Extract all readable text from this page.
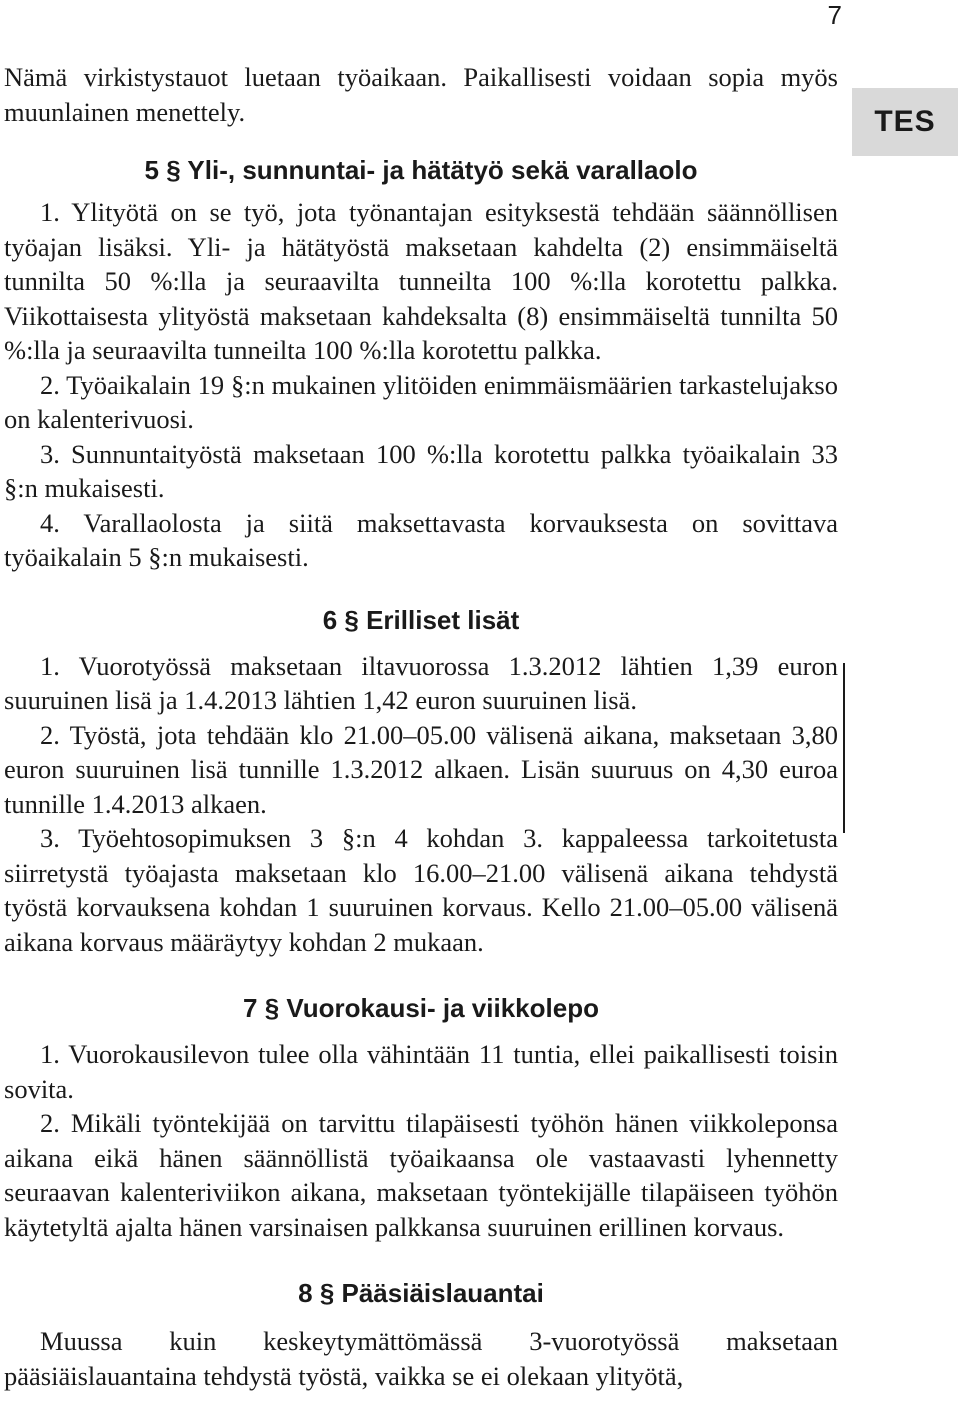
7
TES

Nämä virkistystauot luetaan työaikaan. Paikallisesti voidaan sopia myös muunlainen menettely.

5 § Yli-, sunnuntai- ja hätätyö sekä varallaolo

1. Ylityötä on se työ, jota työnantajan esityksestä tehdään säännöllisen työajan lisäksi. Yli- ja hätätyöstä maksetaan kahdelta (2) ensimmäiseltä tunnilta 50 %:lla ja seuraavilta tunneilta 100 %:lla korotettu palkka. Viikottaisesta ylityöstä maksetaan kahdeksalta (8) ensimmäiseltä tunnilta 50 %:lla ja seuraavilta tunneilta 100 %:lla korotettu palkka.

2. Työaikalain 19 §:n mukainen ylitöiden enimmäismäärien tarkastelujakso on kalenterivuosi.

3. Sunnuntaityöstä maksetaan 100 %:lla korotettu palkka työaikalain 33 §:n mukaisesti.

4. Varallaolosta ja siitä maksettavasta korvauksesta on sovittava työaikalain 5 §:n mukaisesti.

6 § Erilliset lisät

1. Vuorotyössä maksetaan iltavuorossa 1.3.2012 lähtien 1,39 euron suuruinen lisä ja 1.4.2013 lähtien 1,42 euron suuruinen lisä.

2. Työstä, jota tehdään klo 21.00–05.00 välisenä aikana, maksetaan 3,80 euron suuruinen lisä tunnille 1.3.2012 alkaen. Lisän suuruus on 4,30 euroa tunnille 1.4.2013 alkaen.

3. Työehtosopimuksen 3 §:n 4 kohdan 3. kappaleessa tarkoitetusta siirretystä työajasta maksetaan klo 16.00–21.00 välisenä aikana tehdystä työstä korvauksena kohdan 1 suuruinen korvaus. Kello 21.00–05.00 välisenä aikana korvaus määräytyy kohdan 2 mukaan.

7 § Vuorokausi- ja viikkolepo

1. Vuorokausilevon tulee olla vähintään 11 tuntia, ellei paikallisesti toisin sovita.

2. Mikäli työntekijää on tarvittu tilapäisesti työhön hänen viikkoleponsa aikana eikä hänen säännöllistä työaikaansa ole vastaavasti lyhennetty seuraavan kalenteriviikon aikana, maksetaan työntekijälle tilapäiseen työhön käytetyltä ajalta hänen varsinaisen palkkansa suuruinen erillinen korvaus.

8 § Pääsiäislauantai

Muussa kuin keskeytymättömässä 3-vuorotyössä maksetaan pääsiäislauantaina tehdystä työstä, vaikka se ei olekaan ylityötä,
